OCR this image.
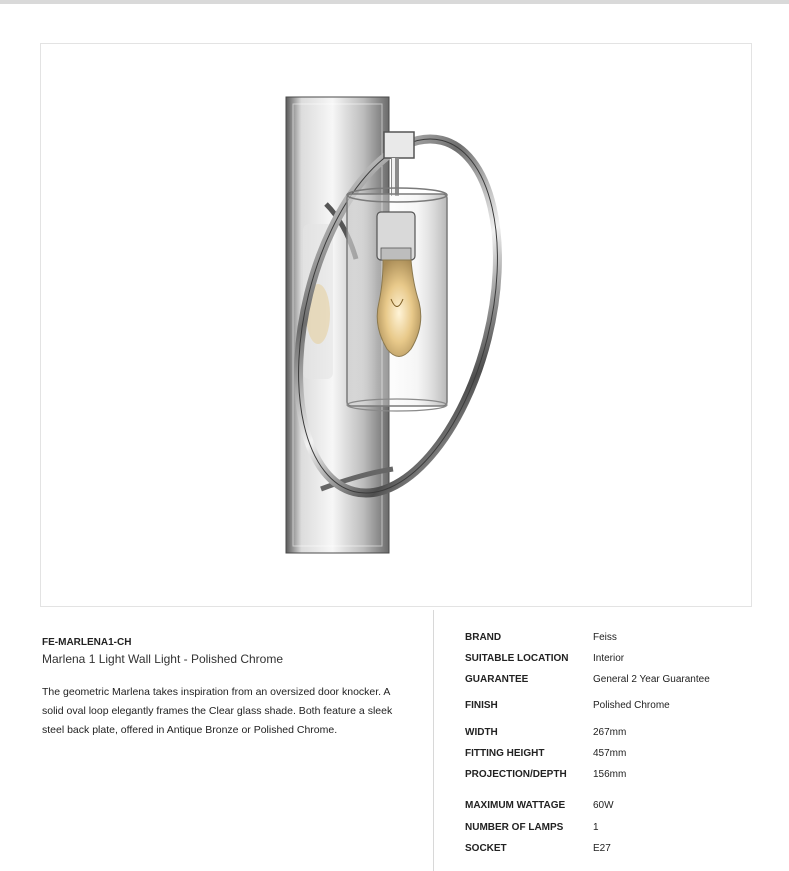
FE-MARLENA1-CH
Marlena 1 Light Wall Light - Polished Chrome
The geometric Marlena takes inspiration from an oversized door knocker. A solid oval loop elegantly frames the Clear glass shade. Both feature a sleek steel back plate, offered in Antique Bronze or Polished Chrome.
BRAND	Feiss
SUITABLE LOCATION Interior
GUARANTEE	General 2 Year Guarantee
FINISH	Polished Chrome
WIDTH	267mm
FITTING HEIGHT	457mm
PROJECTION/DEPTH	156mm
MAXIMUM WATTAGE	60W
NUMBER OF LAMPS	1
SOCKET	E27
